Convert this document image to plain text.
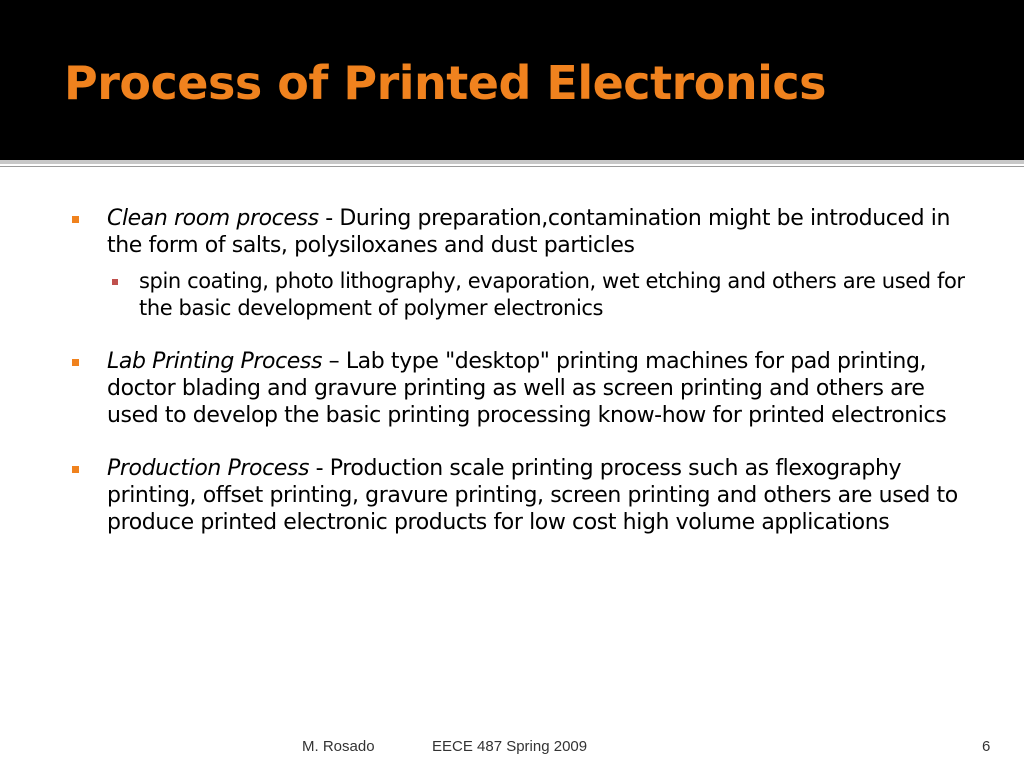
Process of Printed Electronics
Clean room process - During preparation,contamination might be introduced in the form of salts, polysiloxanes and dust particles
spin coating, photo lithography, evaporation, wet etching and others are used for the basic development of polymer electronics
Lab Printing Process – Lab type "desktop" printing machines for pad printing, doctor blading and gravure printing as well as screen printing and others are used to develop the basic printing processing know-how for printed electronics
Production Process - Production scale printing process such as flexography printing, offset printing, gravure printing, screen printing and others are used to produce printed electronic products for low cost high volume applications
M. Rosado	EECE 487 Spring 2009	6
